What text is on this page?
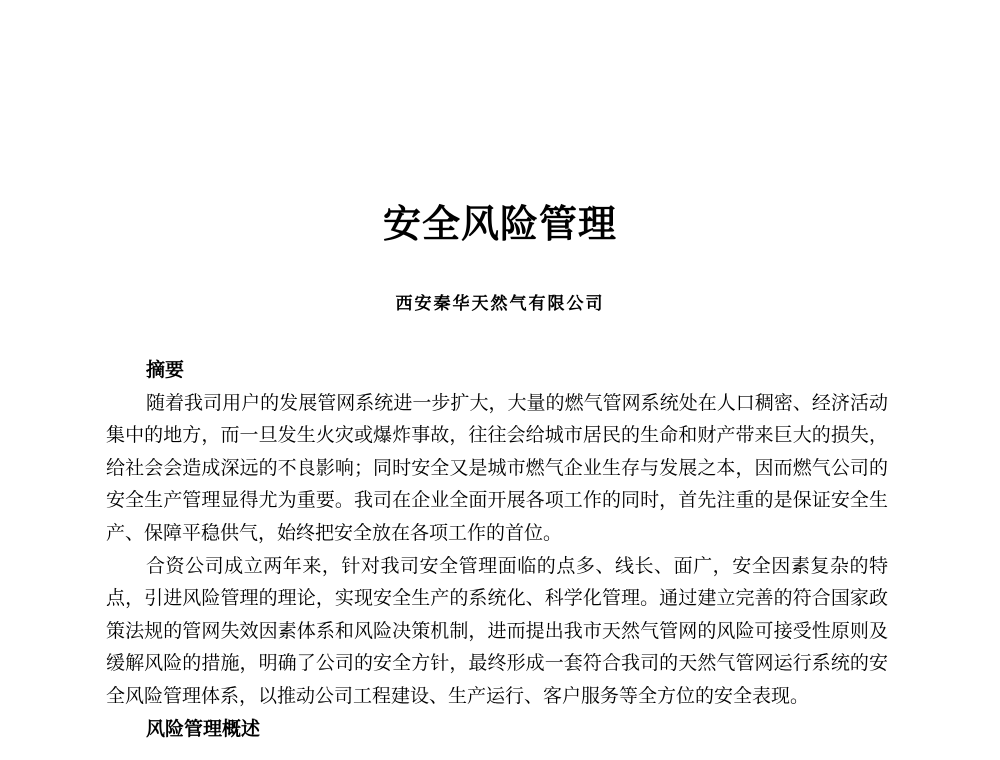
安全风险管理
西安秦华天然气有限公司

摘要

随着我司用户的发展管网系统进一步扩大，大量的燃气管网系统处在人口稠密、经济活动集中的地方，而一旦发生火灾或爆炸事故，往往会给城市居民的生命和财产带来巨大的损失，给社会会造成深远的不良影响；同时安全又是城市燃气企业生存与发展之本，因而燃气公司的安全生产管理显得尤为重要。我司在企业全面开展各项工作的同时，首先注重的是保证安全生产、保障平稳供气，始终把安全放在各项工作的首位。

合资公司成立两年来，针对我司安全管理面临的点多、线长、面广，安全因素复杂的特点，引进风险管理的理论，实现安全生产的系统化、科学化管理。通过建立完善的符合国家政策法规的管网失效因素体系和风险决策机制，进而提出我市天然气管网的风险可接受性原则及缓解风险的措施，明确了公司的安全方针，最终形成一套符合我司的天然气管网运行系统的安全风险管理体系，以推动公司工程建设、生产运行、客户服务等全方位的安全表现。

风险管理概述
